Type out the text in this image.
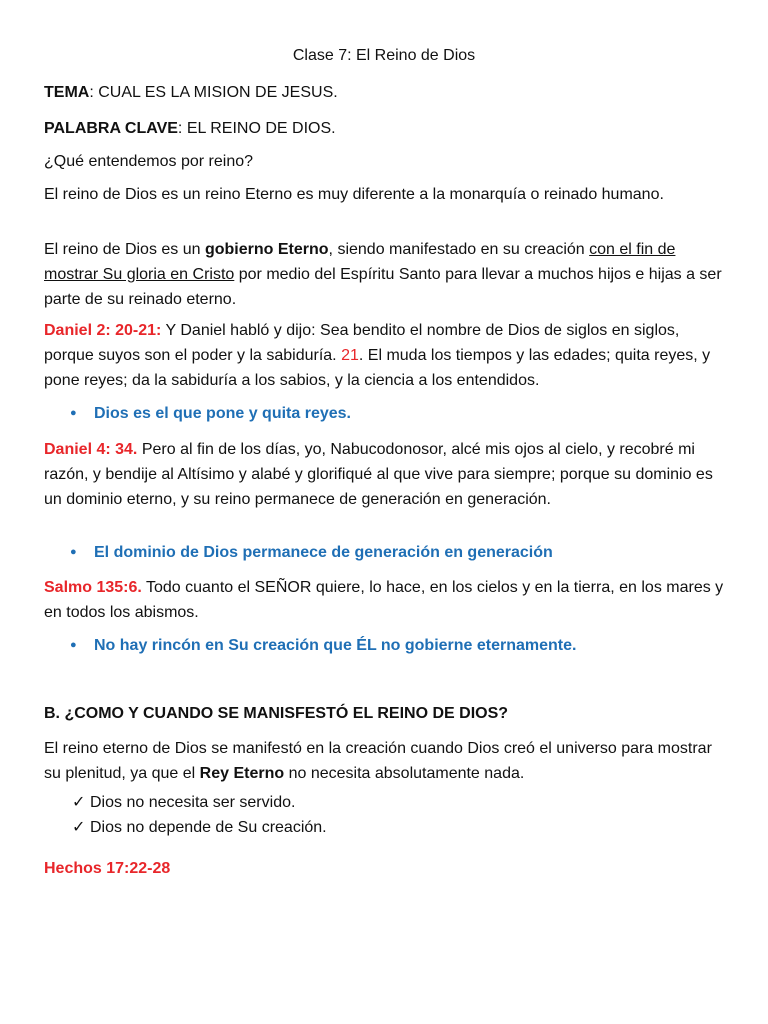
Clase 7: El Reino de Dios

TEMA: CUAL ES LA MISION DE JESUS.

PALABRA CLAVE: EL REINO DE DIOS.

¿Qué entendemos por reino?

El reino de Dios es un reino Eterno es muy diferente a la monarquía o reinado humano.

El reino de Dios es un gobierno Eterno, siendo manifestado en su creación con el fin de mostrar Su gloria en Cristo por medio del Espíritu Santo para llevar a muchos hijos e hijas a ser parte de su reinado eterno.

Daniel 2: 20-21: Y Daniel habló y dijo: Sea bendito el nombre de Dios de siglos en siglos, porque suyos son el poder y la sabiduría. 21. El muda los tiempos y las edades; quita reyes, y pone reyes; da la sabiduría a los sabios, y la ciencia a los entendidos.

● Dios es el que pone y quita reyes.

Daniel 4: 34. Pero al fin de los días, yo, Nabucodonosor, alcé mis ojos al cielo, y recobré mi razón, y bendije al Altísimo y alabé y glorifiqué al que vive para siempre; porque su dominio es un dominio eterno, y su reino permanece de generación en generación.

● El dominio de Dios permanece de generación en generación

Salmo 135:6. Todo cuanto el SEÑOR quiere, lo hace, en los cielos y en la tierra, en los mares y en todos los abismos.

● No hay rincón en Su creación que ÉL no gobierne eternamente.

B. ¿COMO Y CUANDO SE MANISFESTÓ EL REINO DE DIOS?

El reino eterno de Dios se manifestó en la creación cuando Dios creó el universo para mostrar su plenitud, ya que el Rey Eterno no necesita absolutamente nada.

✓ Dios no necesita ser servido.
✓ Dios no depende de Su creación.

Hechos 17:22-28
